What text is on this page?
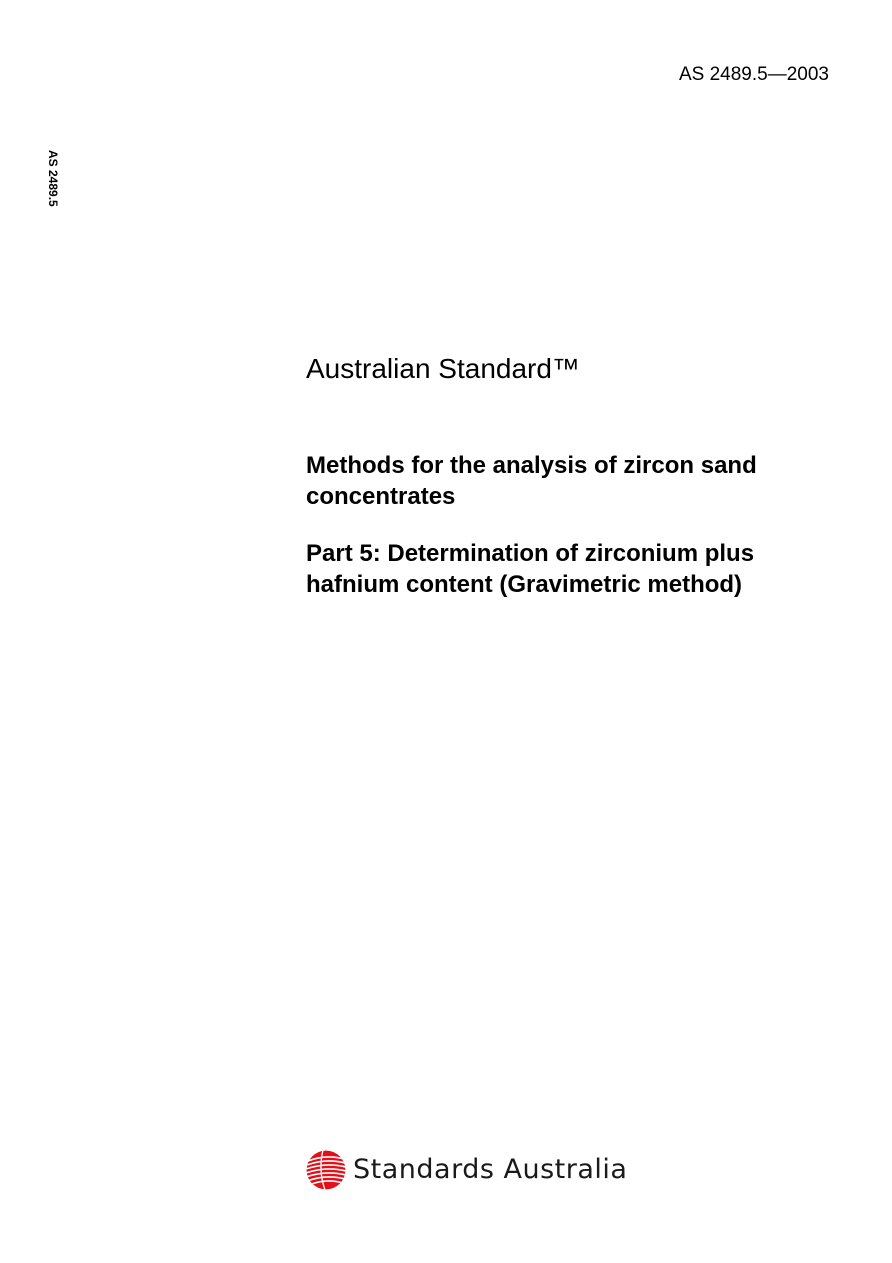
AS 2489.5—2003
AS 2489.5
Australian Standard™
Methods for the analysis of zircon sand concentrates
Part 5: Determination of zirconium plus hafnium content (Gravimetric method)
Standards Australia
